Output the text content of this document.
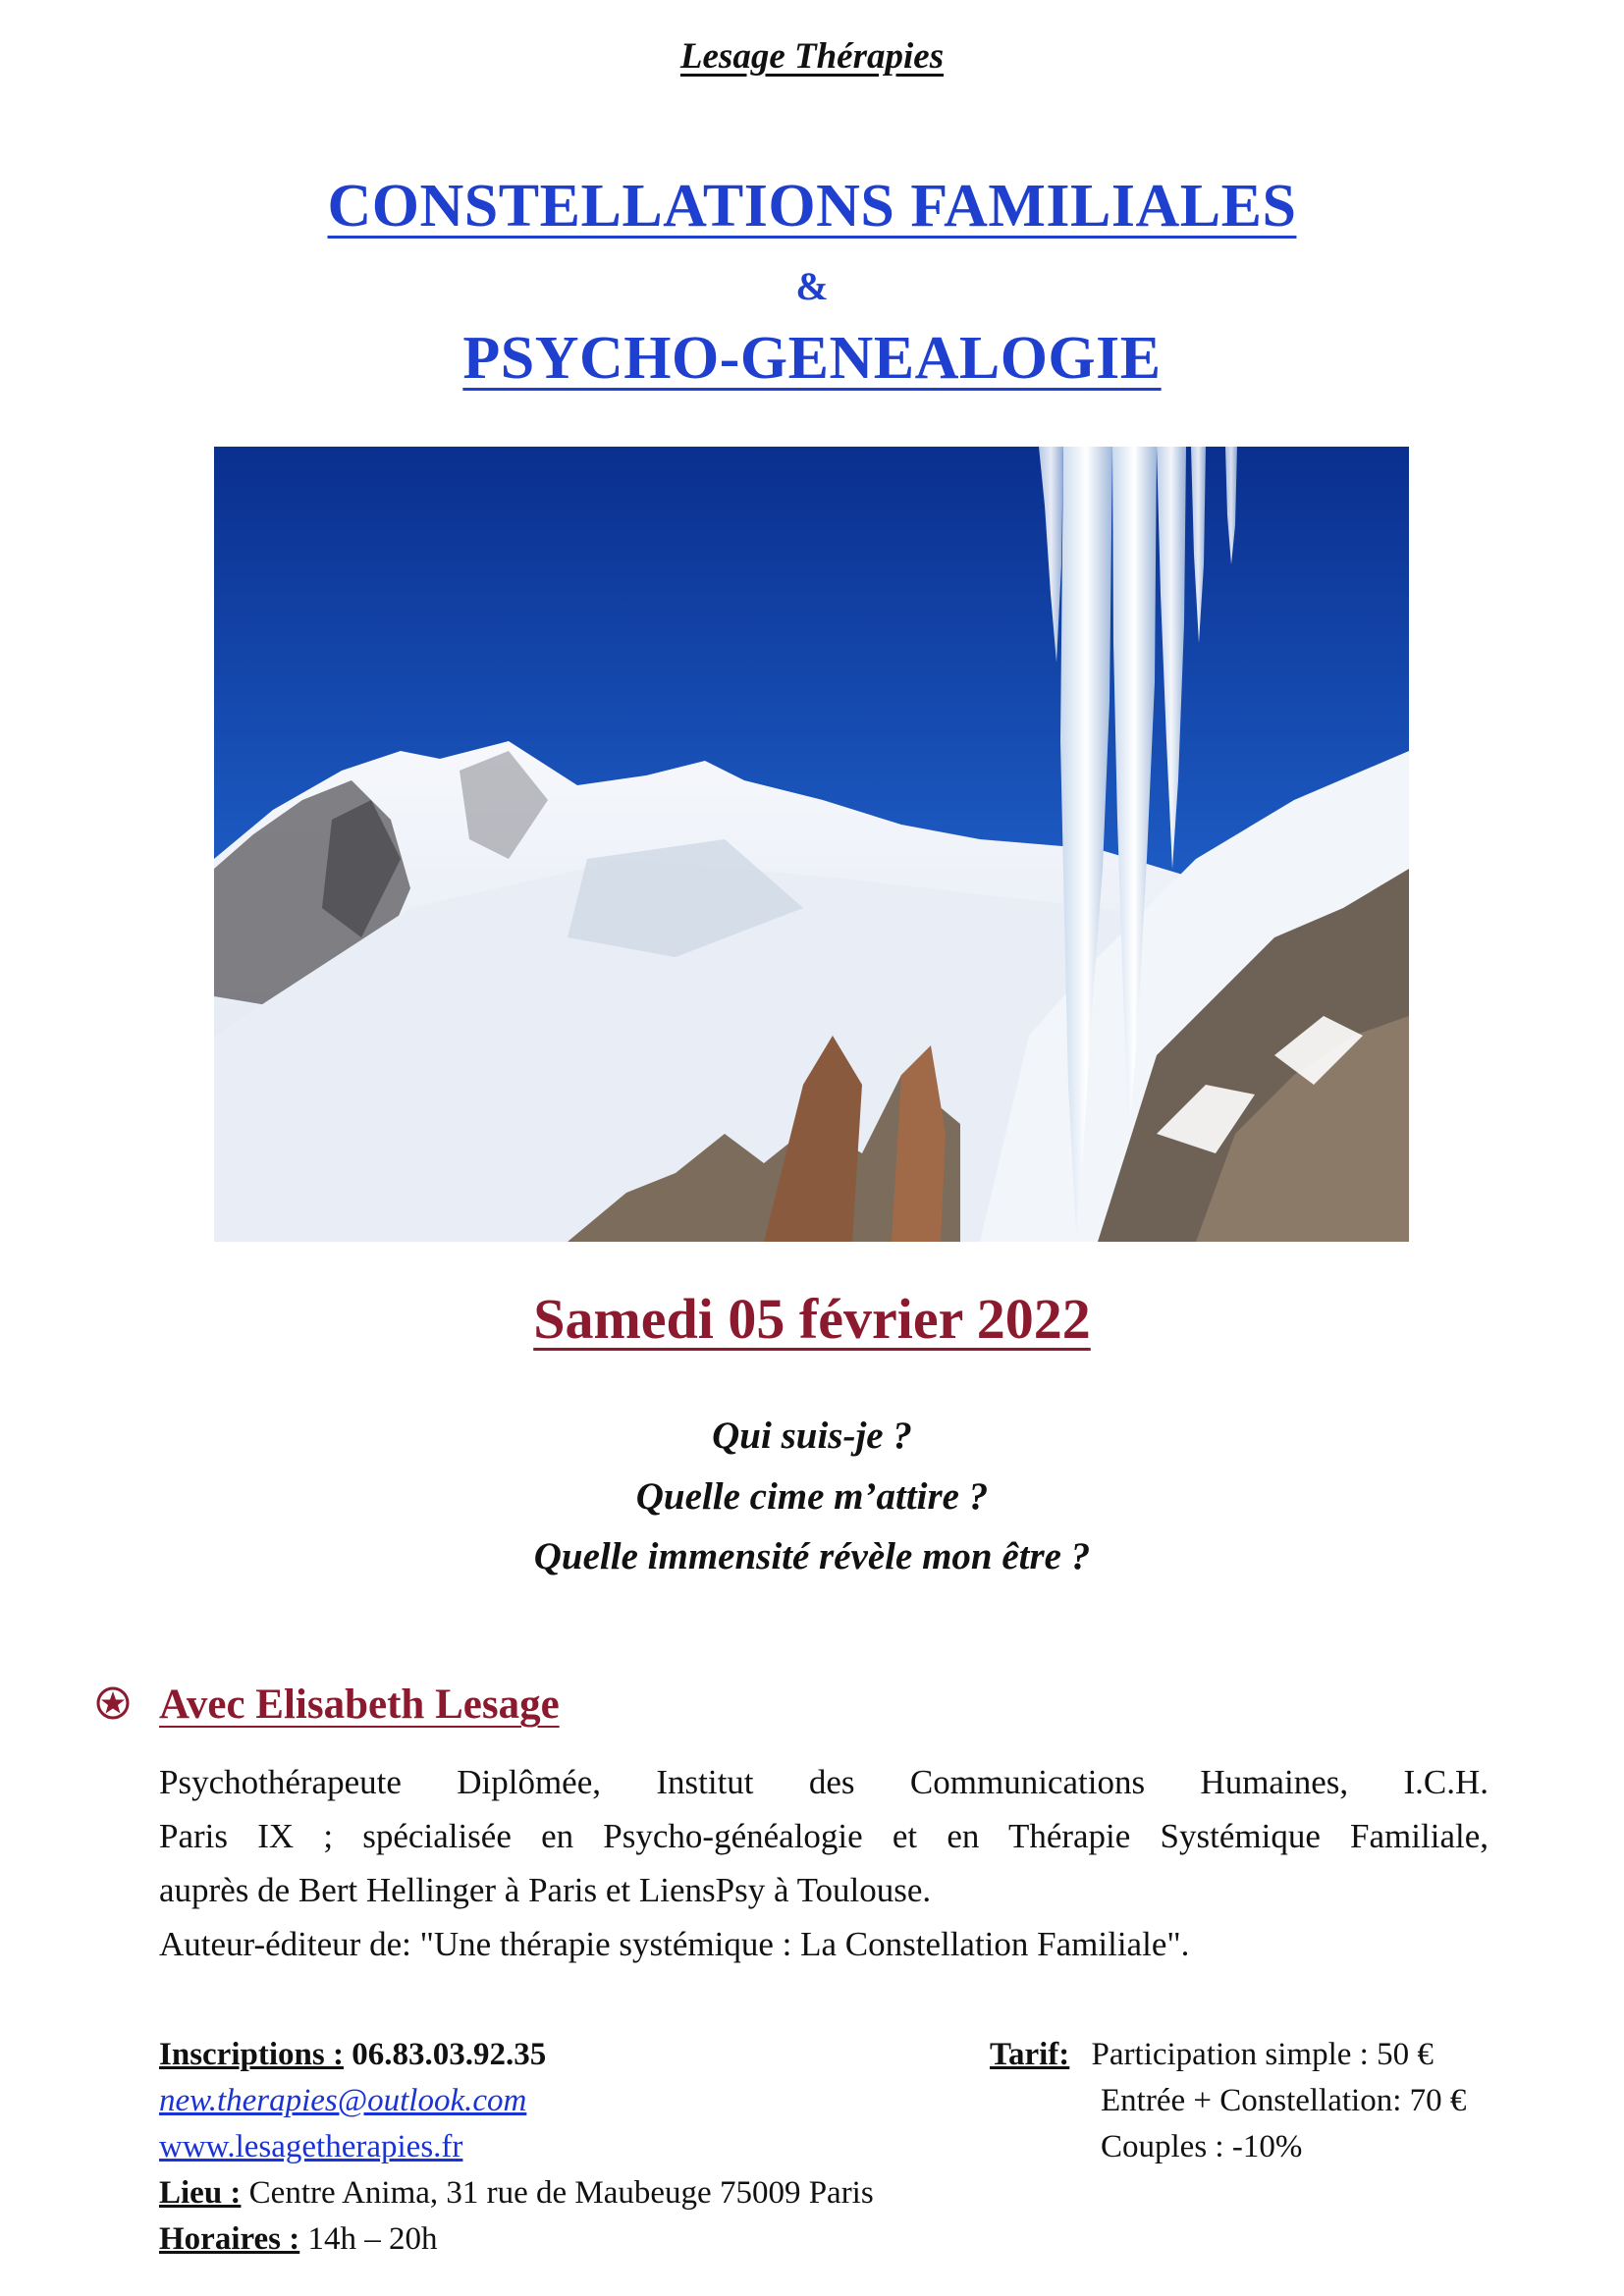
Lesage Thérapies
CONSTELLATIONS FAMILIALES
&
PSYCHO-GENEALOGIE
Samedi 05 février 2022
Qui suis-je ?
Quelle cime m’attire ?
Quelle immensité révèle mon être ?
Avec Elisabeth Lesage
Psychothérapeute Diplômée, Institut des Communications Humaines, I.C.H.
Paris IX ; spécialisée en Psycho-généalogie et en Thérapie Systémique Familiale,
auprès de Bert Hellinger à Paris et LiensPsy à Toulouse.
Auteur-éditeur de: "Une thérapie systémique : La Constellation Familiale".
Inscriptions : 06.83.03.92.35
new.therapies@outlook.com
www.lesagetherapies.fr
Lieu : Centre Anima, 31 rue de Maubeuge 75009 Paris
Horaires : 14h – 20h
Tarif: Participation simple : 50 €
Entrée + Constellation: 70 €
Couples : -10%
